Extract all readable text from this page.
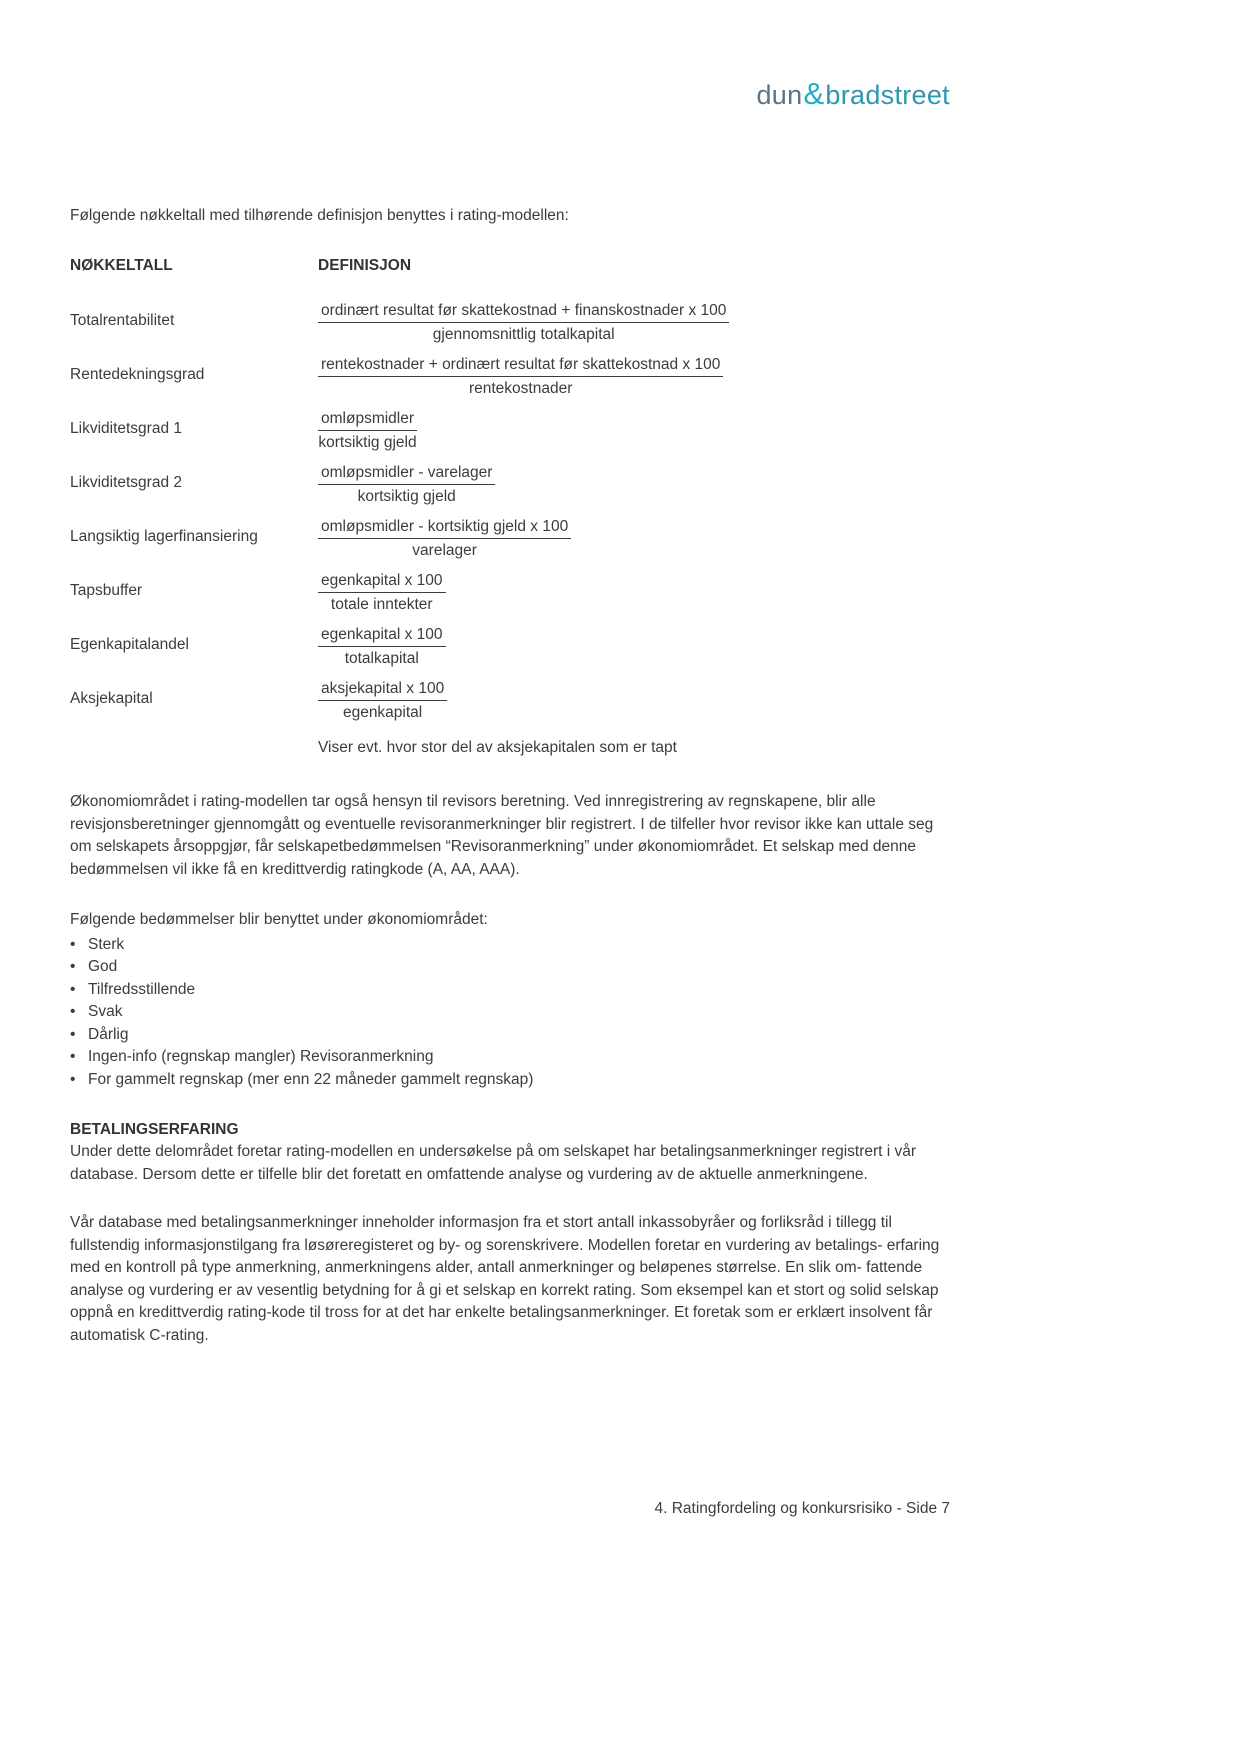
dun&bradstreet

Følgende nøkkeltall med tilhørende definisjon benyttes i rating-modellen:

NØKKELTALL	DEFINISJON
Totalrentabilitet	$\frac{\text{ordinært resultat før skattekostnad + finanskostnader x 100}}{\text{gjennomsnittlig totalkapital}}$
Rentedekningsgrad	$\frac{\text{rentekostnader + ordinært resultat før skattekostnad x 100}}{\text{rentekostnader}}$
Likviditetsgrad 1	$\frac{\text{omløpsmidler}}{\text{kortsiktig gjeld}}$
Likviditetsgrad 2	$\frac{\text{omløpsmidler - varelager}}{\text{kortsiktig gjeld}}$
Langsiktig lagerfinansiering	$\frac{\text{omløpsmidler - kortsiktig gjeld x 100}}{\text{varelager}}$
Tapsbuffer	$\frac{\text{egenkapital x 100}}{\text{totale inntekter}}$
Egenkapitalandel	$\frac{\text{egenkapital x 100}}{\text{totalkapital}}$
Aksjekapital	$\frac{\text{aksjekapital x 100}}{\text{egenkapital}}$

Viser evt. hvor stor del av aksjekapitalen som er tapt

Økonomiområdet i rating-modellen tar også hensyn til revisors beretning. Ved innregistrering av regnskapene, blir alle revisjonsberetninger gjennomgått og eventuelle revisoranmerkninger blir registrert. I de tilfeller hvor revisor ikke kan uttale seg om selskapets årsoppgjør, får selskapetbedømmelsen “Revisoranmerkning” under økonomiområdet. Et selskap med denne bedømmelsen vil ikke få en kredittverdig ratingkode (A, AA, AAA).

Følgende bedømmelser blir benyttet under økonomiområdet:

• Sterk
• God
• Tilfredsstillende
• Svak
• Dårlig
• Ingen-info (regnskap mangler) Revisoranmerkning
• For gammelt regnskap (mer enn 22 måneder gammelt regnskap)
BETALINGSERFARING

Under dette delområdet foretar rating-modellen en undersøkelse på om selskapet har betalingsanmerkninger registrert i vår database. Dersom dette er tilfelle blir det foretatt en omfattende analyse og vurdering av de aktuelle anmerkningene.

Vår database med betalingsanmerkninger inneholder informasjon fra et stort antall inkassobyråer og forliksråd i tillegg til fullstendig informasjonstilgang fra løsøreregisteret og by- og sorenskrivere. Modellen foretar en vurdering av betalings- erfaring med en kontroll på type anmerkning, anmerkningens alder, antall anmerkninger og beløpenes størrelse. En slik om- fattende analyse og vurdering er av vesentlig betydning for å gi et selskap en korrekt rating. Som eksempel kan et stort og solid selskap oppnå en kredittverdig rating-kode til tross for at det har enkelte betalingsanmerkninger. Et foretak som er erklært insolvent får automatisk C-rating.

4. Ratingfordeling og konkursrisiko - Side 7
